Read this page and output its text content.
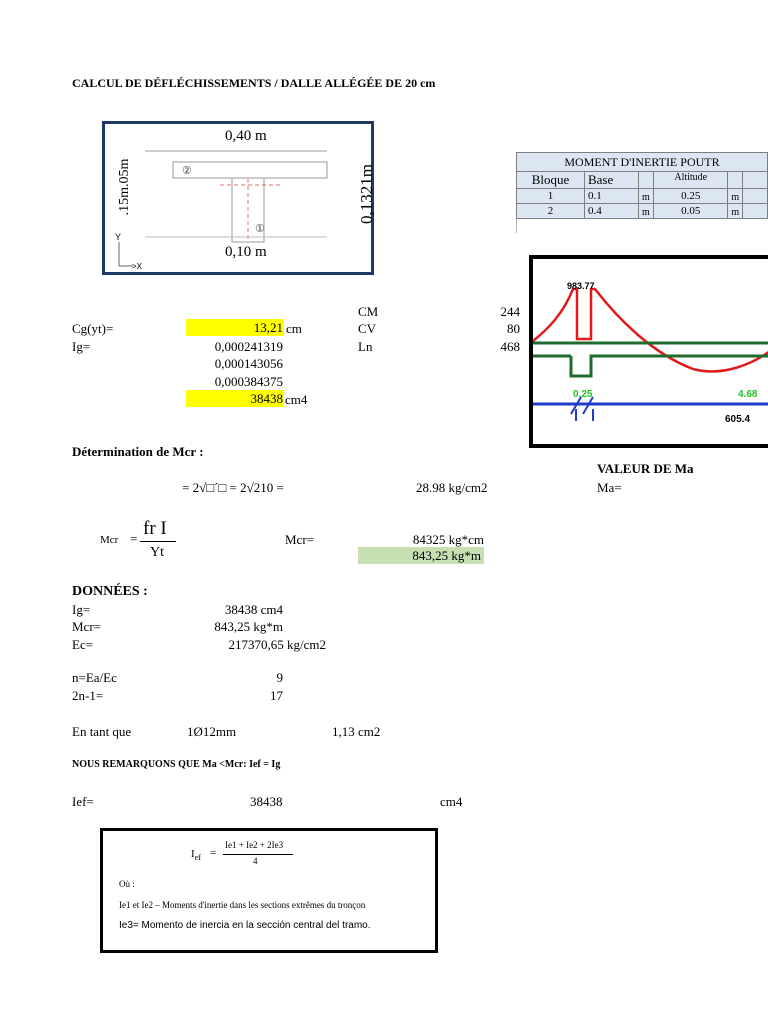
CALCUL DE DÉFLÉCHISSEMENTS / DALLE ALLÉGÉE DE 20 cm
0,40 m
②
①
0,10 m
.15m.05m	0,1321m
Y
>X
MOMENT D'INERTIE POUTR					
Bloque	Base		Altitude		
1	0.1	m	0.25	m	
2	0.4	m	0.05	m	

983.77
0.25	4.68
605.4
CM	244
CV	80
Ln	468
Cg(yt)=	13,21 cm
Ig=	0,000241319
0,000143056
0,000384375
38438 cm4
Détermination de Mcr :
VALEUR DE Ma
= 2√□´□ = 2√210 =	28.98 kg/cm2	Ma=
Mcr = fr I
Yt
Mcr=	84325 kg*cm
843,25 kg*m
DONNÉES :
Ig=	38438 cm4
Mcr=	843,25 kg*m
Ec=	217370,65 kg/cm2
n=Ea/Ec	9
2n-1=	17
En tant que	1Ø12mm	1,13 cm2
NOUS REMARQUONS QUE Ma <Mcr: Ief = Ig
Ief=	38438	cm4
$I_{ef}$ =
Ie1 + Ie2 + 2Ie3
4
Où :
Ie1 et Ie2 – Moments d'inertie dans les sections extrêmes du tronçon
Ie3= Momento de inercia en la sección central del tramo.
